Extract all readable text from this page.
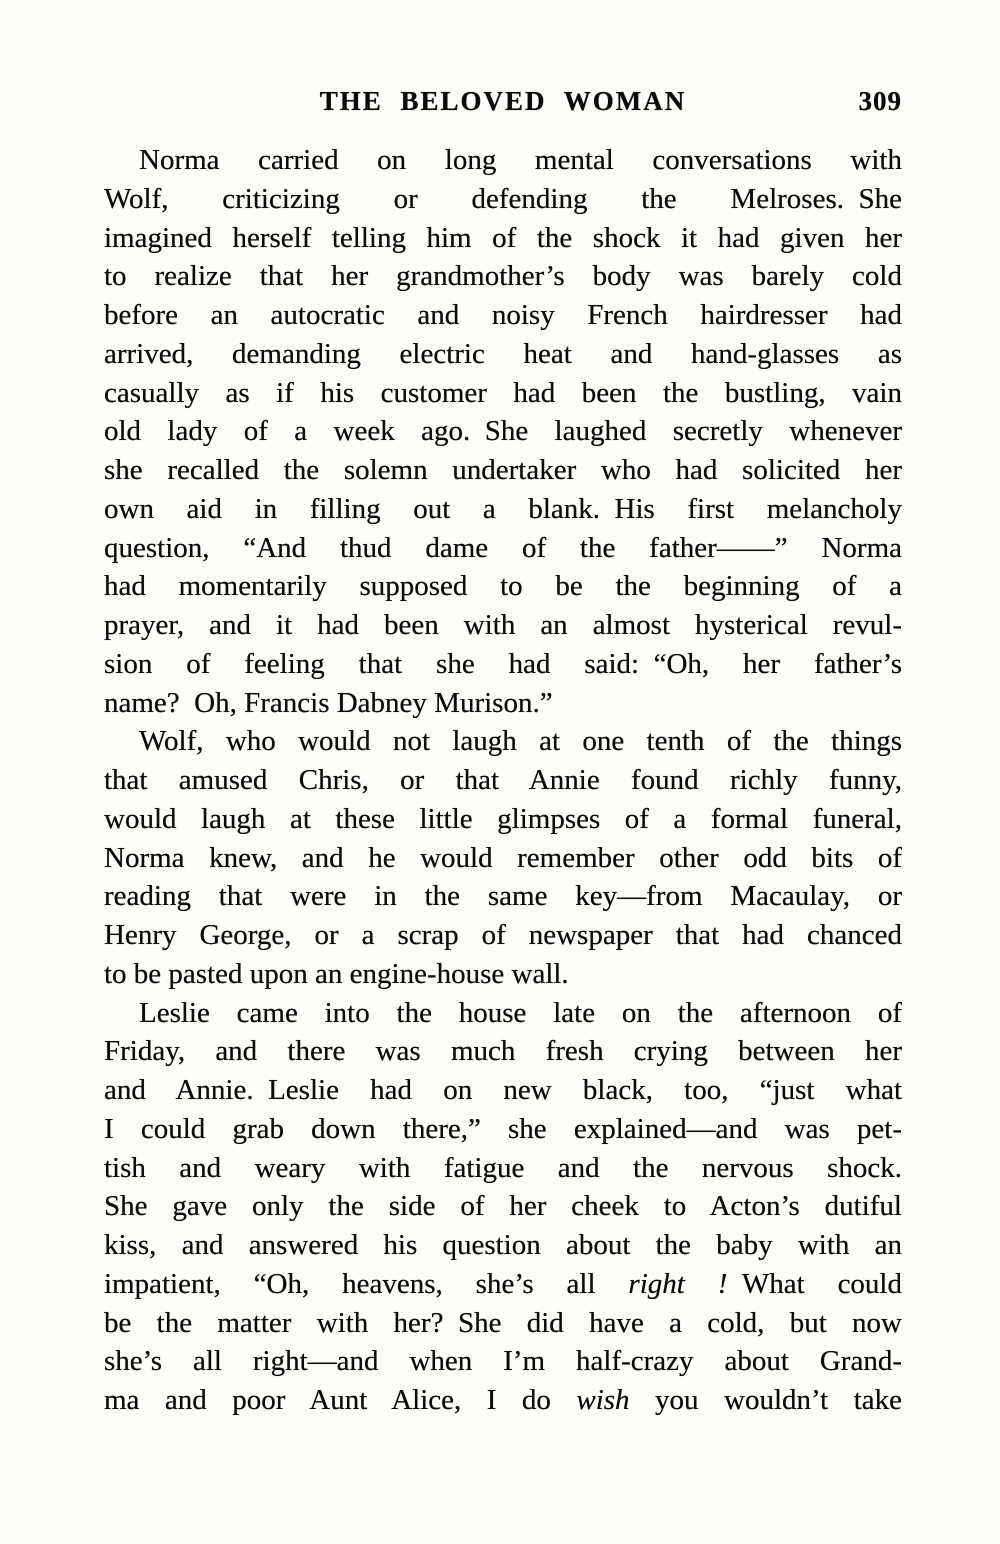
THE BELOVED WOMAN	309
Norma carried on long mental conversations with
Wolf, criticizing or defending the Melroses. She
imagined herself telling him of the shock it had given her
to realize that her grandmother’s body was barely cold
before an autocratic and noisy French hairdresser had
arrived, demanding electric heat and hand-glasses as
casually as if his customer had been the bustling, vain
old lady of a week ago. She laughed secretly whenever
she recalled the solemn undertaker who had solicited her
own aid in filling out a blank. His first melancholy
question, “And thud dame of the father——” Norma
had momentarily supposed to be the beginning of a
prayer, and it had been with an almost hysterical revul-
sion of feeling that she had said: “Oh, her father’s
name? Oh, Francis Dabney Murison.”
Wolf, who would not laugh at one tenth of the things
that amused Chris, or that Annie found richly funny,
would laugh at these little glimpses of a formal funeral,
Norma knew, and he would remember other odd bits of
reading that were in the same key—from Macaulay, or
Henry George, or a scrap of newspaper that had chanced
to be pasted upon an engine-house wall.
Leslie came into the house late on the afternoon of
Friday, and there was much fresh crying between her
and Annie. Leslie had on new black, too, “just what
I could grab down there,” she explained—and was pet-
tish and weary with fatigue and the nervous shock.
She gave only the side of her cheek to Acton’s dutiful
kiss, and answered his question about the baby with an
impatient, “Oh, heavens, she’s all right ! What could
be the matter with her? She did have a cold, but now
she’s all right—and when I’m half-crazy about Grand-
ma and poor Aunt Alice, I do wish you wouldn’t take
